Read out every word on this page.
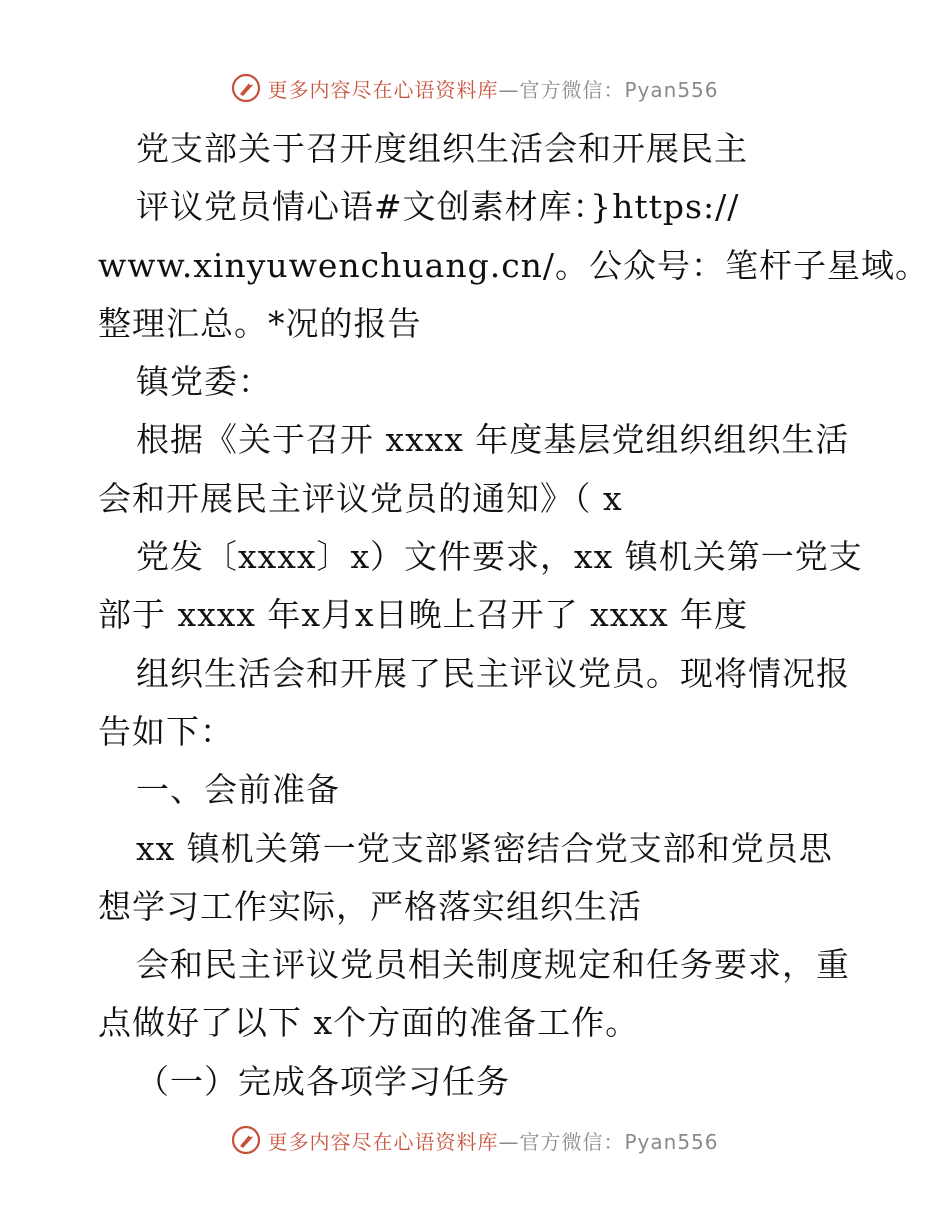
更多内容尽在心语资料库—官方微信：Pyan556
党支部关于召开度组织生活会和开展民主
评议党员情心语#文创素材库：}https://
www.xinyuwenchuang.cn/。公众号：笔杆子星域。
整理汇总。*况的报告
镇党委：
根据《关于召开 xxxx 年度基层党组织组织生活
会和开展民主评议党员的通知》（ x
党发〔xxxx〕x）文件要求，xx 镇机关第一党支
部于 xxxx 年x月x日晚上召开了 xxxx 年度
组织生活会和开展了民主评议党员。现将情况报
告如下：
一、会前准备
xx 镇机关第一党支部紧密结合党支部和党员思
想学习工作实际，严格落实组织生活
会和民主评议党员相关制度规定和任务要求，重
点做好了以下 x个方面的准备工作。
（一）完成各项学习任务
更多内容尽在心语资料库—官方微信：Pyan556
